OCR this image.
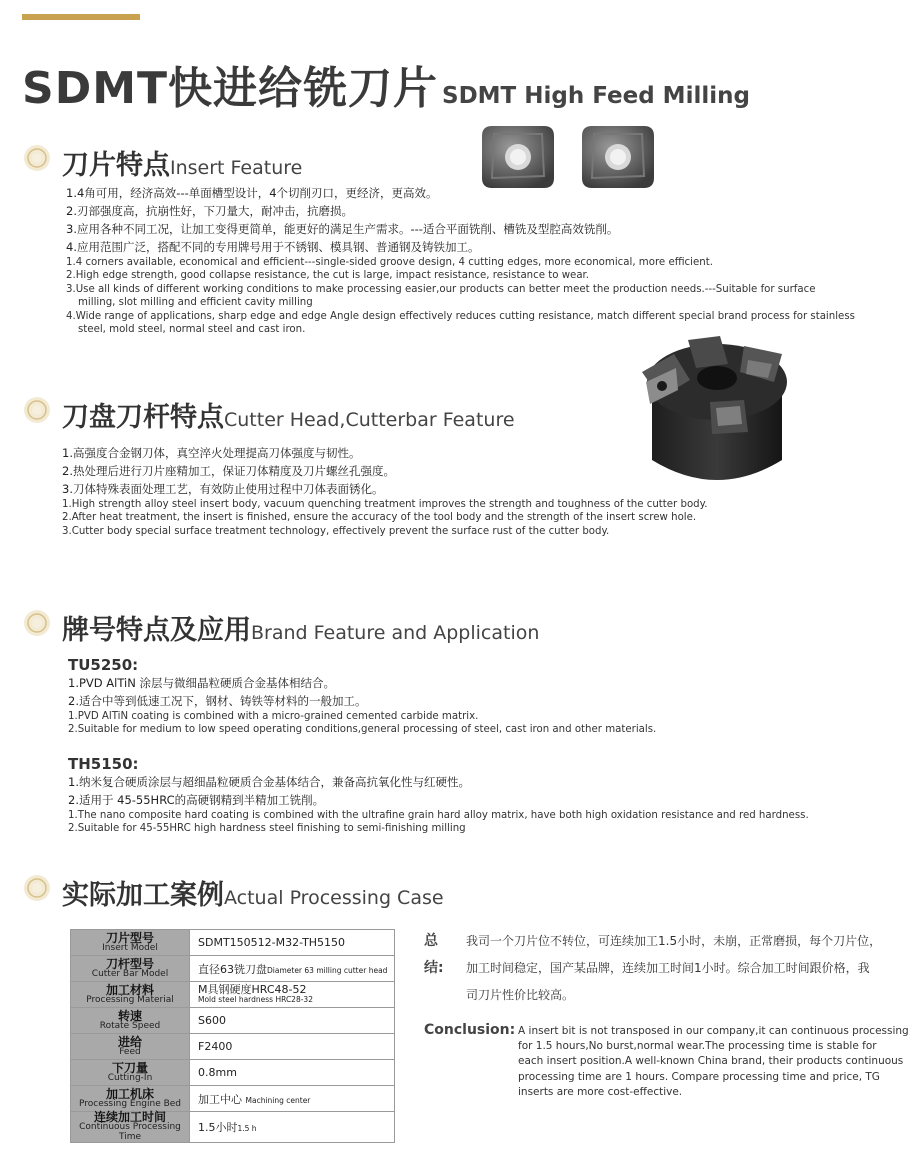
SDMT快进给铣刀片 SDMT High Feed Milling
刀片特点Insert Feature
1.4角可用，经济高效---单面槽型设计，4个切削刃口，更经济，更高效。
2.刃部强度高，抗崩性好，下刀量大，耐冲击，抗磨损。
3.应用各种不同工况，让加工变得更简单，能更好的满足生产需求。---适合平面铣削、槽铣及型腔高效铣削。
4.应用范围广泛，搭配不同的专用牌号用于不锈钢、模具钢、普通钢及铸铁加工。
1.4 corners available, economical and efficient---single-sided groove design, 4 cutting edges, more economical, more efficient.
2.High edge strength, good collapse resistance, the cut is large, impact resistance, resistance to wear.
3.Use all kinds of different working conditions to make processing easier,our products can better meet the production needs.---Suitable for surface
milling, slot milling and efficient cavity milling
4.Wide range of applications, sharp edge and edge Angle design effectively reduces cutting resistance, match different special brand process for stainless
steel, mold steel, normal steel and cast iron.
刀盘刀杆特点Cutter Head,Cutterbar Feature
1.高强度合金钢刀体，真空淬火处理提高刀体强度与韧性。
2.热处理后进行刀片座精加工，保证刀体精度及刀片螺丝孔强度。
3.刀体特殊表面处理工艺，有效防止使用过程中刀体表面锈化。
1.High strength alloy steel insert body, vacuum quenching treatment improves the strength and toughness of the cutter body.
2.After heat treatment, the insert is finished, ensure the accuracy of the tool body and the strength of the insert screw hole.
3.Cutter body special surface treatment technology, effectively prevent the surface rust of the cutter body.
牌号特点及应用Brand Feature and Application
TU5250:
1.PVD AlTiN 涂层与微细晶粒硬质合金基体相结合。
2.适合中等到低速工况下，钢材、铸铁等材料的一般加工。
1.PVD AlTiN coating is combined with a micro-grained cemented carbide matrix.
2.Suitable for medium to low speed operating conditions,general processing of steel, cast iron and other materials.
TH5150:
1.纳米复合硬质涂层与超细晶粒硬质合金基体结合，兼备高抗氧化性与红硬性。
2.适用于 45-55HRC的高硬钢精到半精加工铣削。
1.The nano composite hard coating is combined with the ultrafine grain hard alloy matrix, have both high oxidation resistance and red hardness.
2.Suitable for 45-55HRC high hardness steel finishing to semi-finishing milling
实际加工案例Actual Processing Case
刀片型号
Insert Model	SDMT150512-M32-TH5150

刀杆型号
Cutter Bar Model	直径63铣刀盘Diameter 63 milling cutter head

加工材料
Processing Material	M具钢硬度HRC48-52
Mold steel hardness HRC28-32

转速
Rotate Speed	S600

进给
Feed	F2400

下刀量
Cutting-In	0.8mm

加工机床
Processing Engine Bed	加工中心 Machining center

连续加工时间
Continuous Processing Time	1.5小时1.5 h
总结:
我司一个刀片位不转位，可连续加工1.5小时，未崩，正常磨损，每个刀片位，
加工时间稳定，国产某品牌，连续加工时间1小时。综合加工时间跟价格，我
司刀片性价比较高。
Conclusion: A insert bit is not transposed in our company,it can continuous processing
for 1.5 hours,No burst,normal wear.The processing time is stable for
each insert position.A well-known China brand, their products continuous
processing time are 1 hours. Compare processing time and price, TG
inserts are more cost-effective.
